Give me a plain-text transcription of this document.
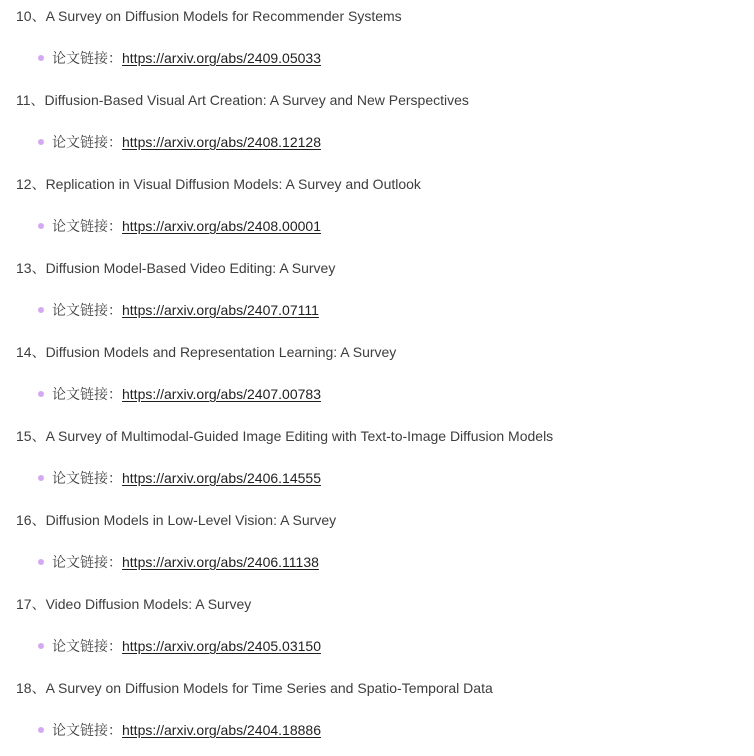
10、A Survey on Diffusion Models for Recommender Systems
论文链接： https://arxiv.org/abs/2409.05033
11、Diffusion-Based Visual Art Creation: A Survey and New Perspectives
论文链接： https://arxiv.org/abs/2408.12128
12、Replication in Visual Diffusion Models: A Survey and Outlook
论文链接： https://arxiv.org/abs/2408.00001
13、Diffusion Model-Based Video Editing: A Survey
论文链接： https://arxiv.org/abs/2407.07111
14、Diffusion Models and Representation Learning: A Survey
论文链接： https://arxiv.org/abs/2407.00783
15、A Survey of Multimodal-Guided Image Editing with Text-to-Image Diffusion Models
论文链接： https://arxiv.org/abs/2406.14555
16、Diffusion Models in Low-Level Vision: A Survey
论文链接： https://arxiv.org/abs/2406.11138
17、Video Diffusion Models: A Survey
论文链接： https://arxiv.org/abs/2405.03150
18、A Survey on Diffusion Models for Time Series and Spatio-Temporal Data
论文链接： https://arxiv.org/abs/2404.18886
